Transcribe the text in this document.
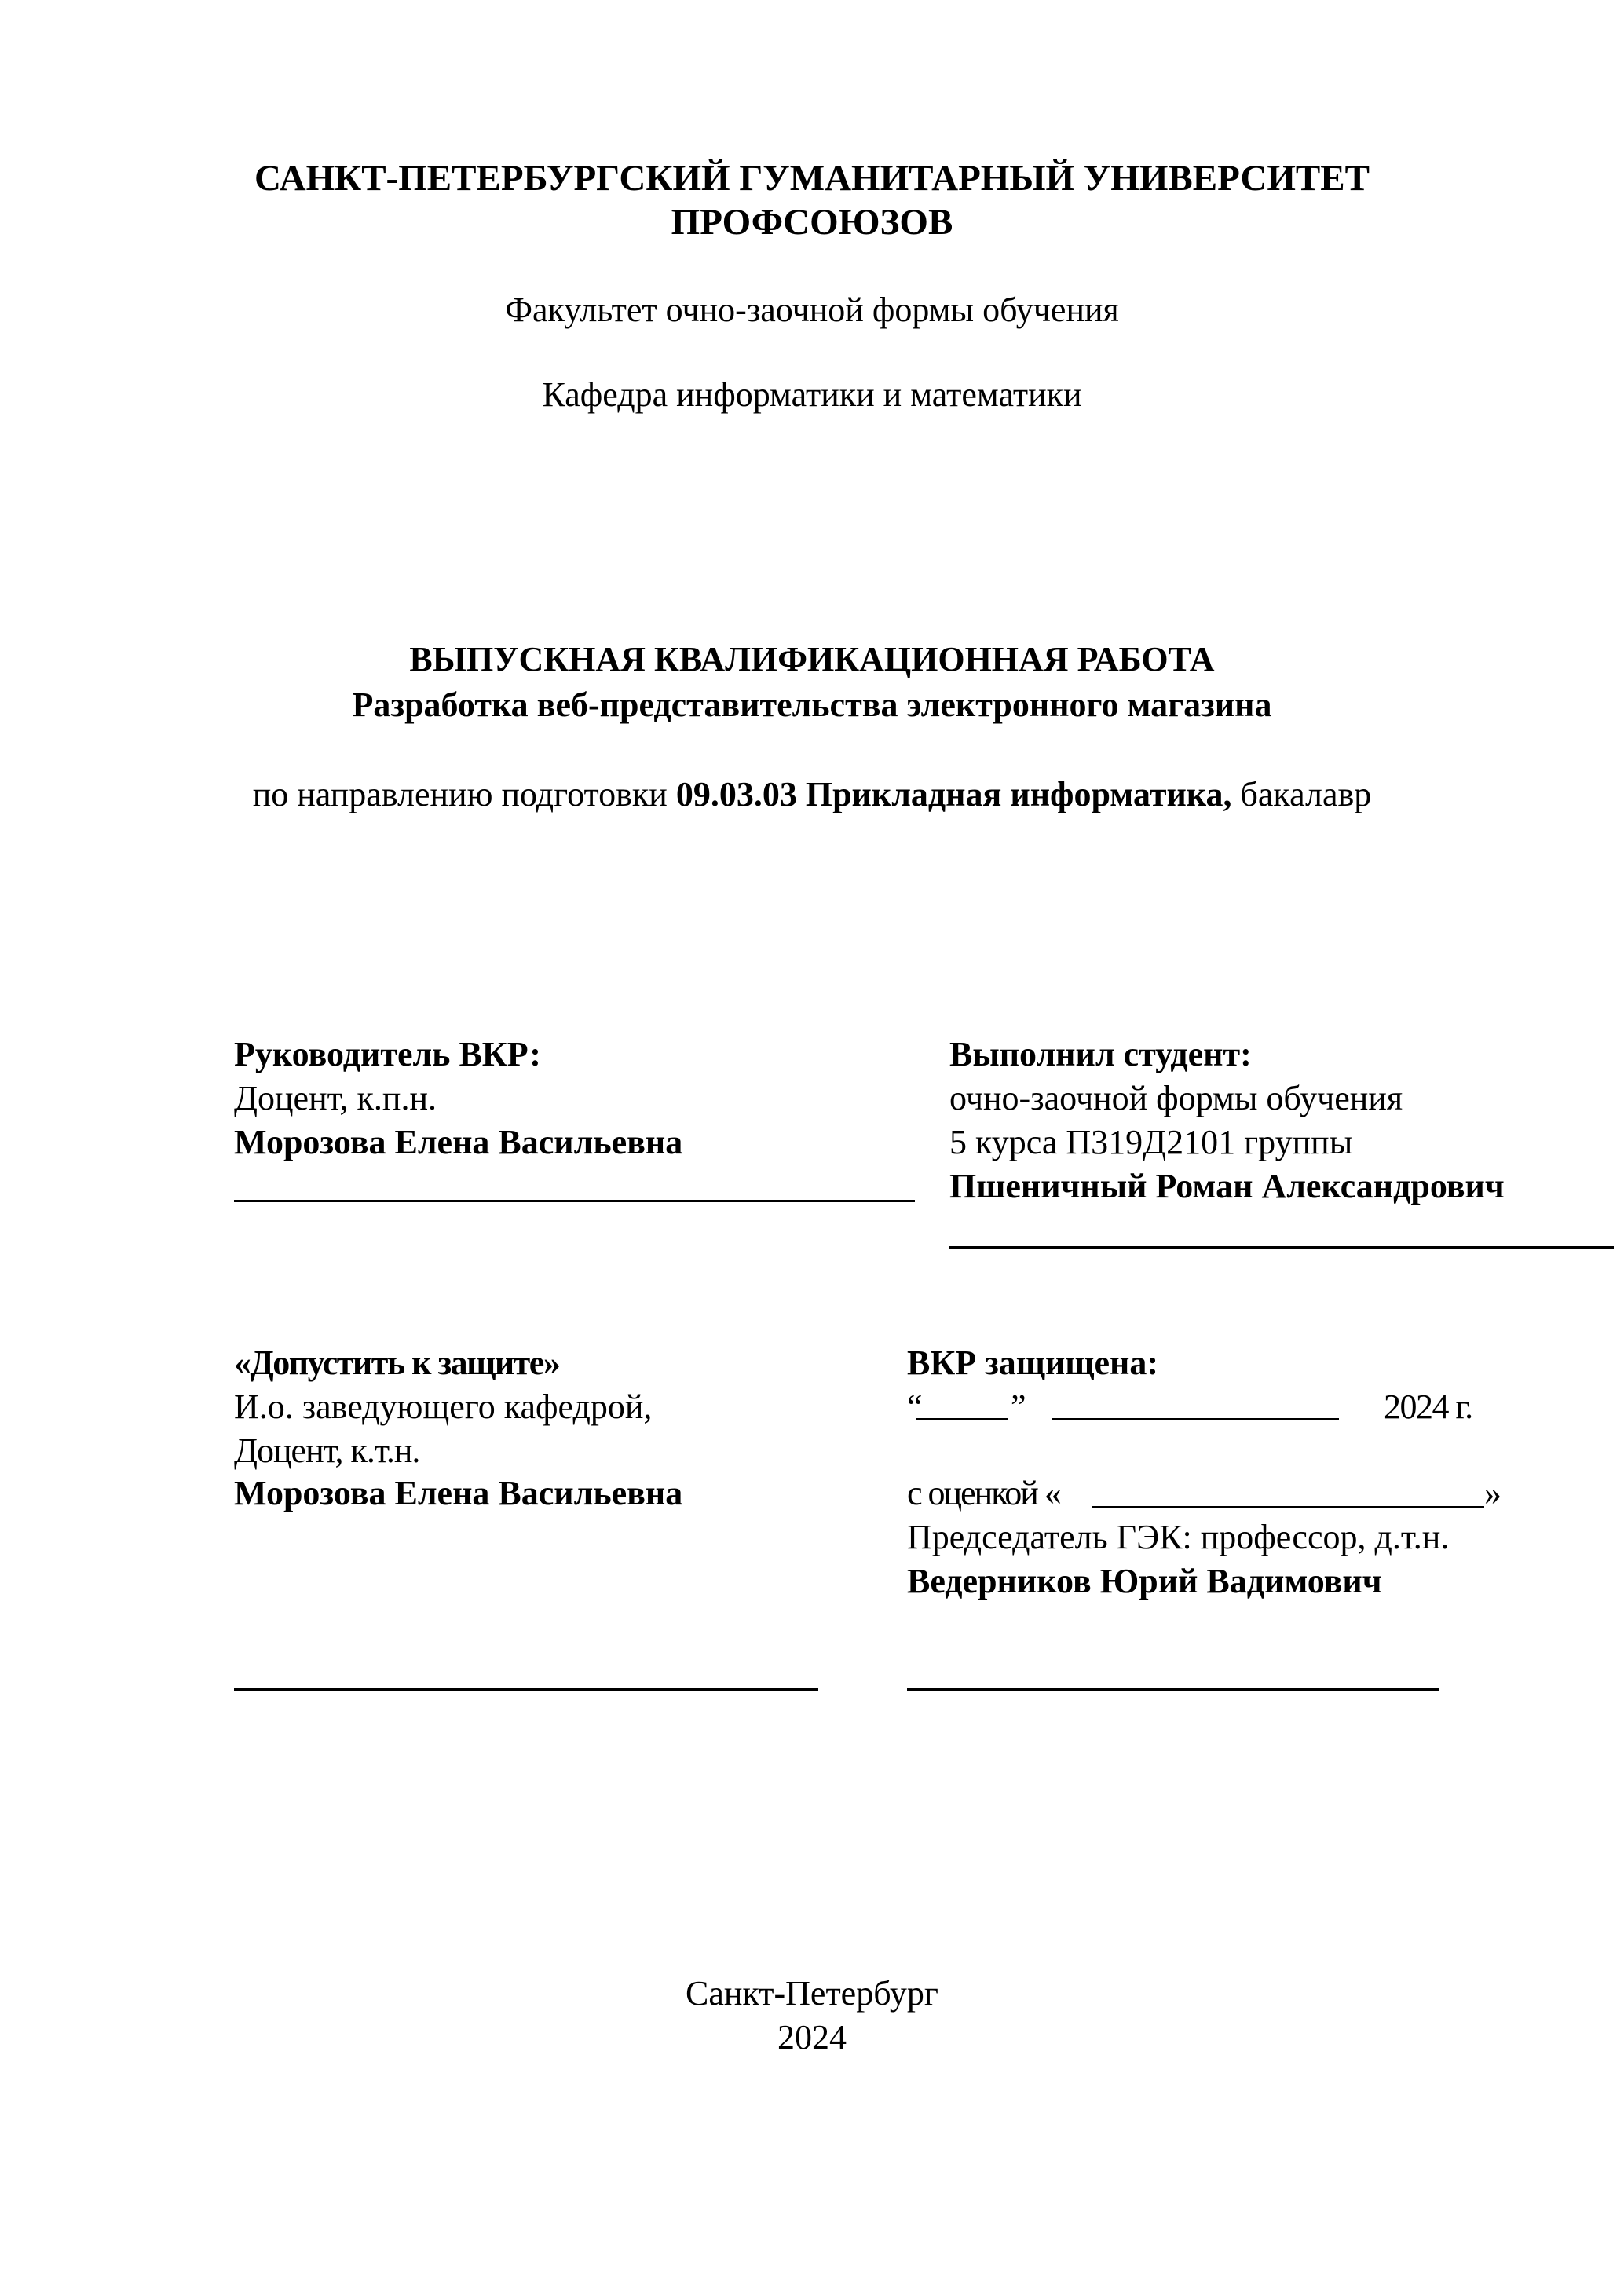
САНКТ-ПЕТЕРБУРГСКИЙ ГУМАНИТАРНЫЙ УНИВЕРСИТЕТ
ПРОФСОЮЗОВ
Факультет очно-заочной формы обучения
Кафедра информатики и математики
ВЫПУСКНАЯ КВАЛИФИКАЦИОННАЯ РАБОТА
Разработка веб-представительства электронного магазина
по направлению подготовки 09.03.03 Прикладная информатика, бакалавр
Руководитель ВКР:
Доцент, к.п.н.
Морозова Елена Васильевна
Выполнил студент:
очно-заочной формы обучения
5 курса П319Д2101 группы
Пшеничный Роман Александрович
«Допустить к защите»
И.о. заведующего кафедрой,
Доцент, к.т.н.
Морозова Елена Васильевна
ВКР защищена:
“	”	2024 г.
с оценкой «	»
Председатель ГЭК: профессор, д.т.н.
Ведерников Юрий Вадимович
Санкт-Петербург
2024
